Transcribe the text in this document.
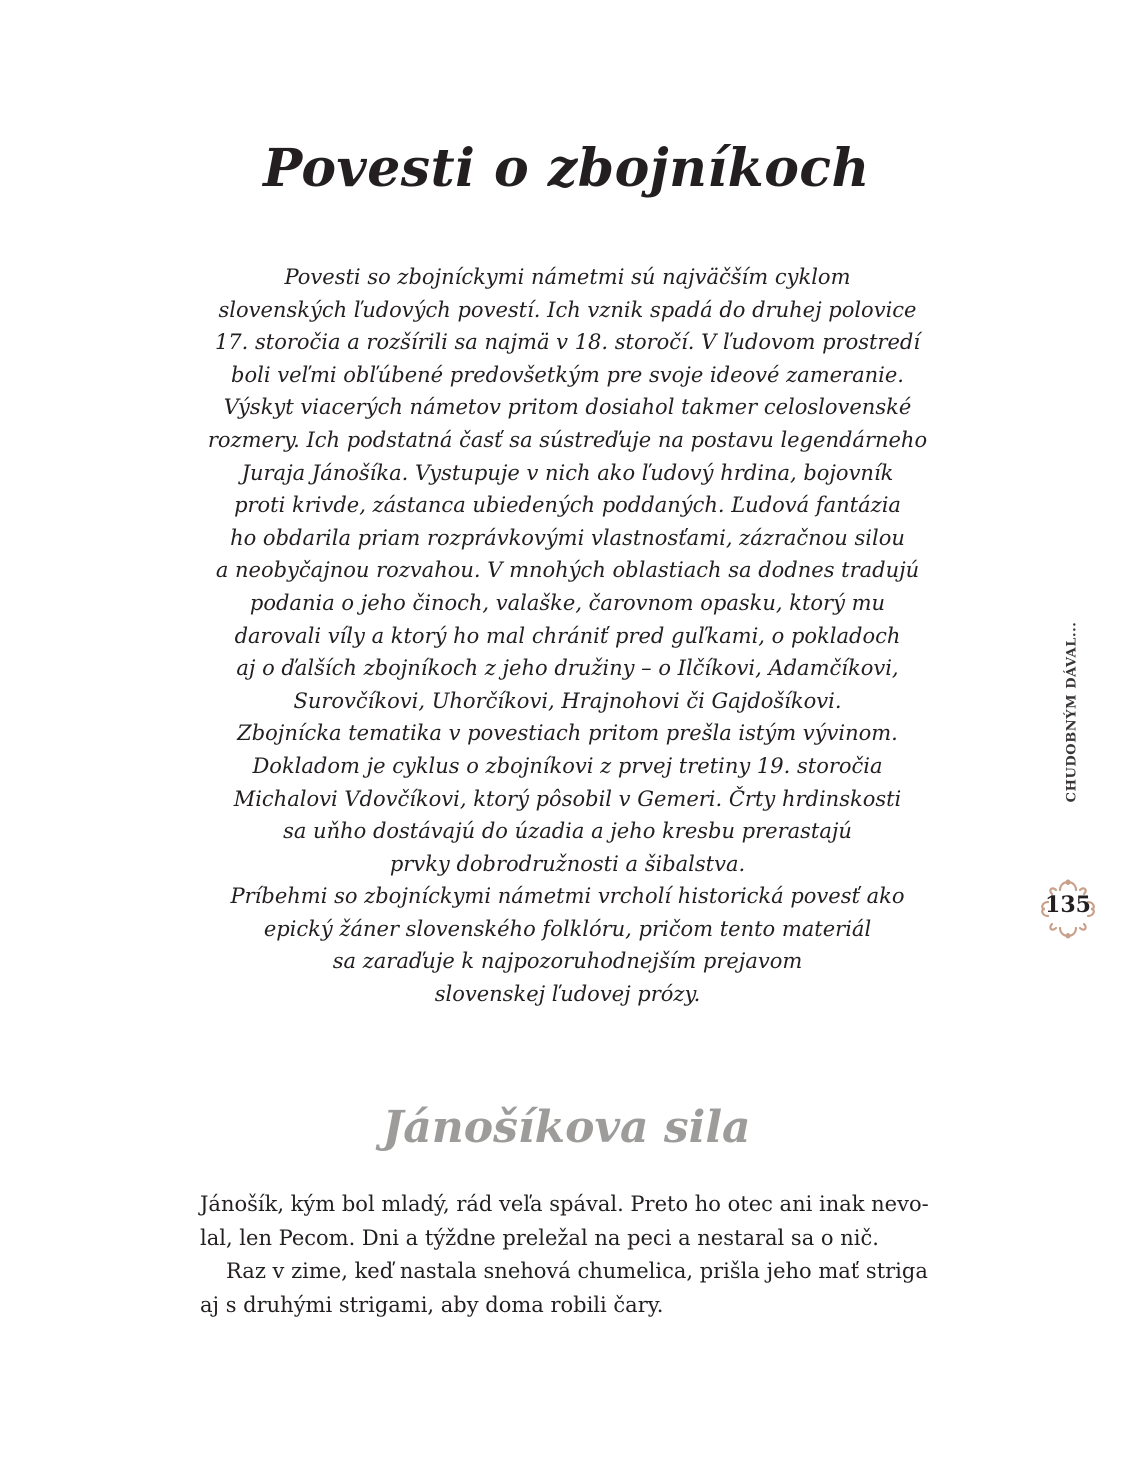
Povesti o zbojníkoch

Povesti so zbojníckymi námetmi sú najväčším cyklom
slovenských ľudových povestí. Ich vznik spadá do druhej polovice
17. storočia a rozšírili sa najmä v 18. storočí. V ľudovom prostredí
boli veľmi obľúbené predovšetkým pre svoje ideové zameranie.
Výskyt viacerých námetov pritom dosiahol takmer celoslovenské
rozmery. Ich podstatná časť sa sústreďuje na postavu legendárneho
Juraja Jánošíka. Vystupuje v nich ako ľudový hrdina, bojovník
proti krivde, zástanca ubiedených poddaných. Ľudová fantázia
ho obdarila priam rozprávkovými vlastnosťami, zázračnou silou
a neobyčajnou rozvahou. V mnohých oblastiach sa dodnes tradujú
podania o jeho činoch, valaške, čarovnom opasku, ktorý mu
darovali víly a ktorý ho mal chrániť pred guľkami, o pokladoch
aj o ďalších zbojníkoch z jeho družiny – o Ilčíkovi, Adamčíkovi,
Surovčíkovi, Uhorčíkovi, Hrajnohovi či Gajdošíkovi.
Zbojnícka tematika v povestiach pritom prešla istým vývinom.
Dokladom je cyklus o zbojníkovi z prvej tretiny 19. storočia
Michalovi Vdovčíkovi, ktorý pôsobil v Gemeri. Črty hrdinskosti
sa uňho dostávajú do úzadia a jeho kresbu prerastajú
prvky dobrodružnosti a šibalstva.
Príbehmi so zbojníckymi námetmi vrcholí historická povesť ako
epický žáner slovenského folklóru, pričom tento materiál
sa zaraďuje k najpozoruhodnejším prejavom
slovenskej ľudovej prózy.

Jánošíkova sila

Jánošík, kým bol mladý, rád veľa spával. Preto ho otec ani inak nevo-
lal, len Pecom. Dni a týždne preležal na peci a nestaral sa o nič.
Raz v zime, keď nastala snehová chumelica, prišla jeho mať striga
aj s druhými strigami, aby doma robili čary.

CHUDOBNÝM DÁVAL...
135
